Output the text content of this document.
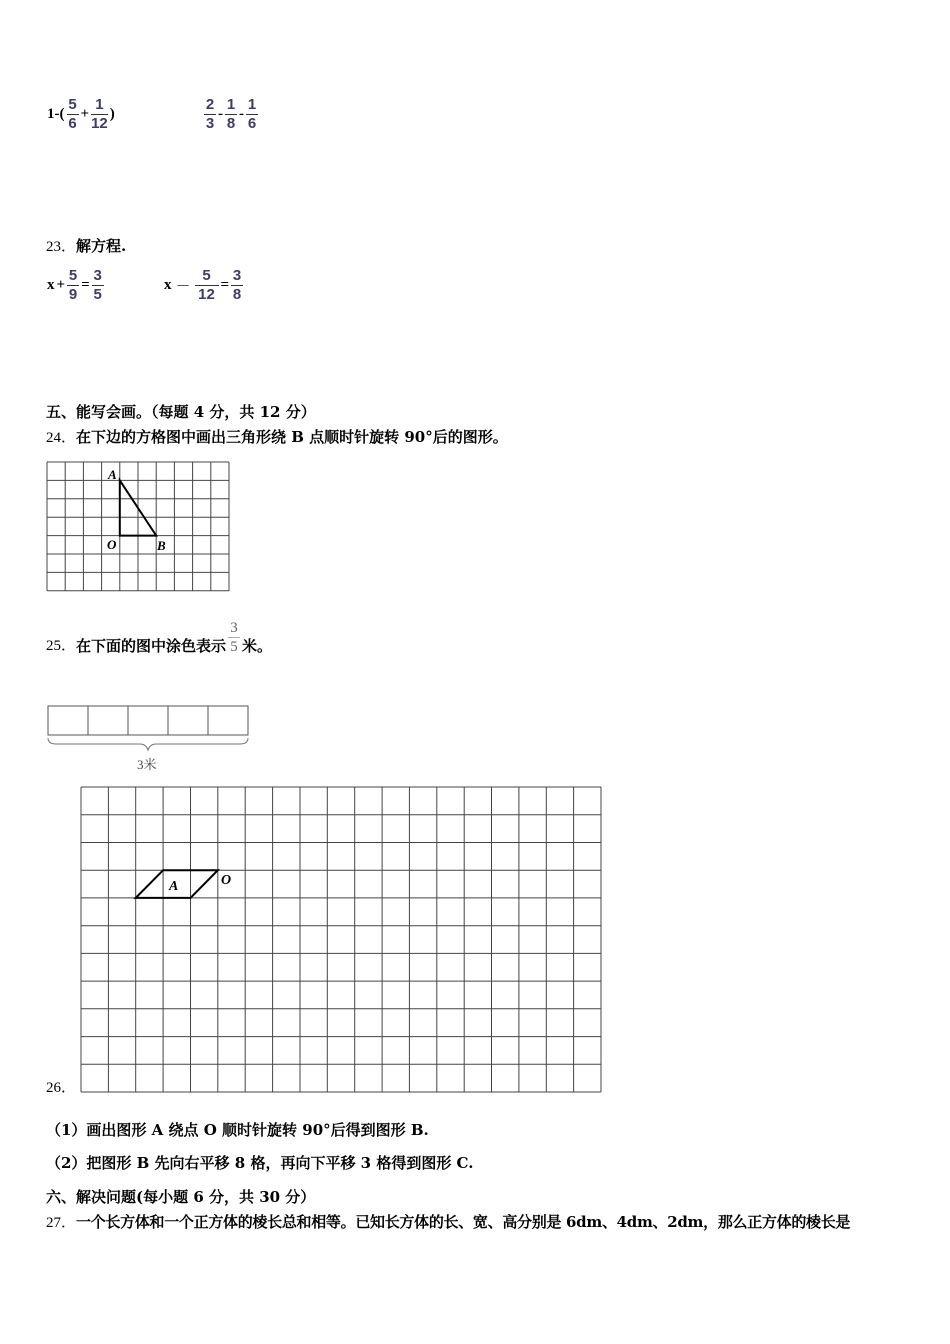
$1-( \frac{5}{6} + \frac{1}{12}$ )	$\frac{2}{3} - \frac{1}{8} - \frac{1}{6}$
23．解方程.
$x + \frac{5}{9} = \frac{3}{5}$	$x - \frac{5}{12} = \frac{3}{8}$
五、能写会画。（每题 4 分，共 12 分）
24．在下边的方格图中画出三角形绕 B 点顺时针旋转 90°后的图形。
A
O	B
25． 在下面的图中涂色表示 $\frac{3}{5}$ 米。
3米
26．
A	O
（1）画出图形 A 绕点 O 顺时针旋转 90°后得到图形 B.
（2）把图形 B 先向右平移 8 格，再向下平移 3 格得到图形 C.
六、解决问题(每小题 6 分，共 30 分）
27．一个长方体和一个正方体的棱长总和相等。已知长方体的长、宽、高分别是 6dm、4dm、2dm，那么正方体的棱长是
